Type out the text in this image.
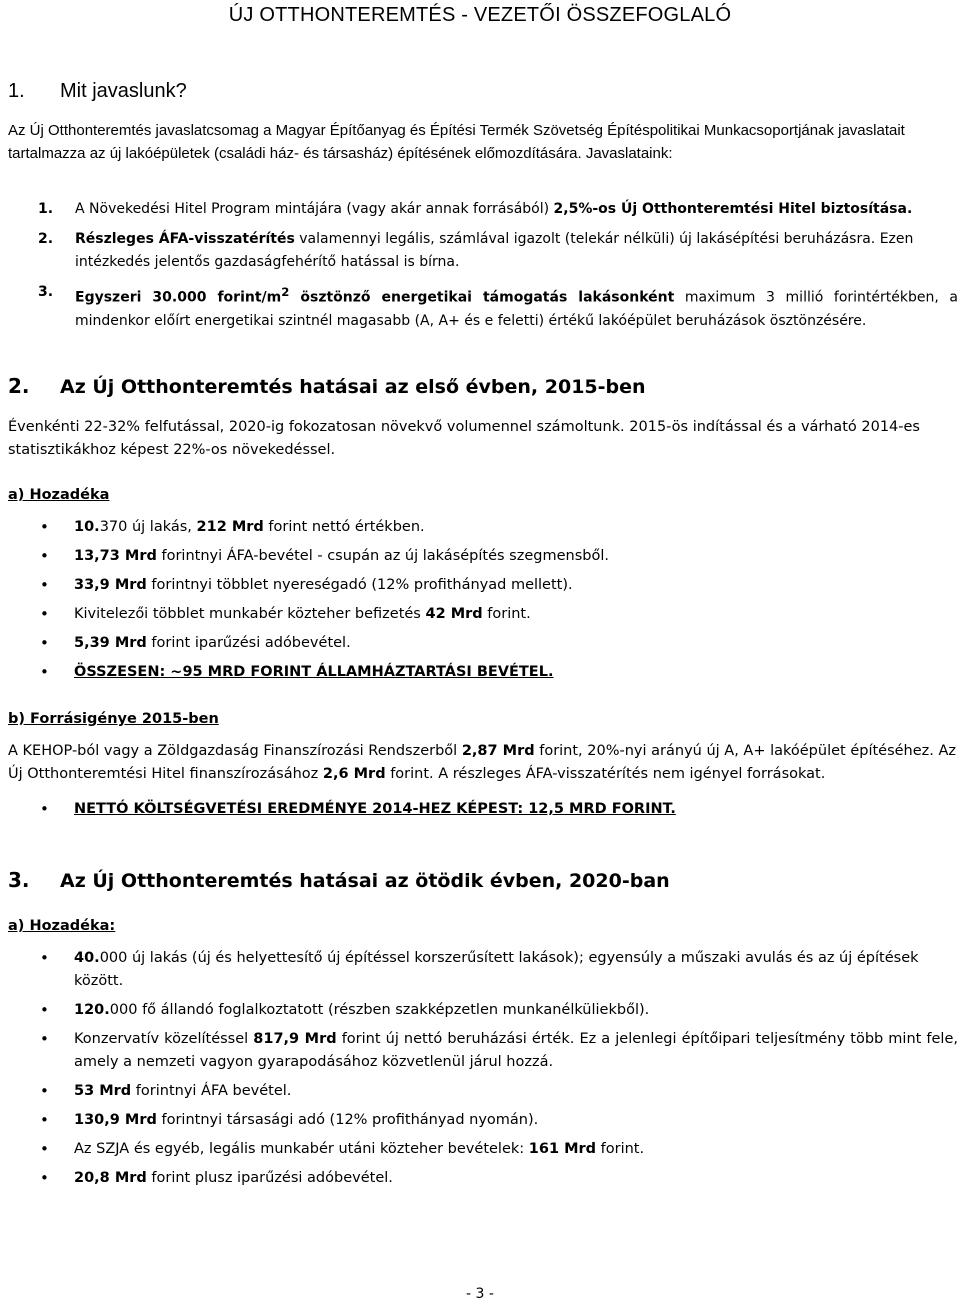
ÚJ OTTHONTEREMTÉS - VEZETŐI ÖSSZEFOGLALÓ
1. Mit javaslunk?
Az Új Otthonteremtés javaslatcsomag a Magyar Építőanyag és Építési Termék Szövetség Építéspolitikai Munkacsoportjának javaslatait tartalmazza az új lakóépületek (családi ház- és társasház) építésének előmozdítására. Javaslataink:
1. A Növekedési Hitel Program mintájára (vagy akár annak forrásából) 2,5%-os Új Otthonteremtési Hitel biztosítása.
2. Részleges ÁFA-visszatérítés valamennyi legális, számlával igazolt (telekár nélküli) új lakásépítési beruházásra. Ezen intézkedés jelentős gazdaságfehérítő hatással is bírna.
3. Egyszeri 30.000 forint/$m^2$ ösztönző energetikai támogatás lakásonként maximum 3 millió forintértékben, a mindenkor előírt energetikai szintnél magasabb (A, A+ és e feletti) értékű lakóépület beruházások ösztönzésére.
2. Az Új Otthonteremtés hatásai az első évben, 2015-ben
Évenkénti 22-32% felfutással, 2020-ig fokozatosan növekvő volumennel számoltunk. 2015-ös indítással és a várható 2014-es statisztikákhoz képest 22%-os növekedéssel.
a) Hozadéka
• 10.370 új lakás, 212 Mrd forint nettó értékben.
• 13,73 Mrd forintnyi ÁFA-bevétel - csupán az új lakásépítés szegmensből.
• 33,9 Mrd forintnyi többlet nyereségadó (12% profithányad mellett).
• Kivitelezői többlet munkabér közteher befizetés 42 Mrd forint.
• 5,39 Mrd forint iparűzési adóbevétel.
• ÖSSZESEN: ~95 MRD FORINT ÁLLAMHÁZTARTÁSI BEVÉTEL.
b) Forrásigénye 2015-ben
A KEHOP-ból vagy a Zöldgazdaság Finanszírozási Rendszerből 2,87 Mrd forint, 20%-nyi arányú új A, A+ lakóépület építéséhez. Az Új Otthonteremtési Hitel finanszírozásához 2,6 Mrd forint. A részleges ÁFA-visszatérítés nem igényel forrásokat.
• NETTÓ KÖLTSÉGVETÉSI EREDMÉNYE 2014-HEZ KÉPEST: 12,5 MRD FORINT.
3. Az Új Otthonteremtés hatásai az ötödik évben, 2020-ban
a) Hozadéka:
• 40.000 új lakás (új és helyettesítő új építéssel korszerűsített lakások); egyensúly a műszaki avulás és az új építések között.
• 120.000 fő állandó foglalkoztatott (részben szakképzetlen munkanélküliekből).
• Konzervatív közelítéssel 817,9 Mrd forint új nettó beruházási érték. Ez a jelenlegi építőipari teljesítmény több mint fele, amely a nemzeti vagyon gyarapodásához közvetlenül járul hozzá.
• 53 Mrd forintnyi ÁFA bevétel.
• 130,9 Mrd forintnyi társasági adó (12% profithányad nyomán).
• Az SZJA és egyéb, legális munkabér utáni közteher bevételek: 161 Mrd forint.
• 20,8 Mrd forint plusz iparűzési adóbevétel.
- 3 -
